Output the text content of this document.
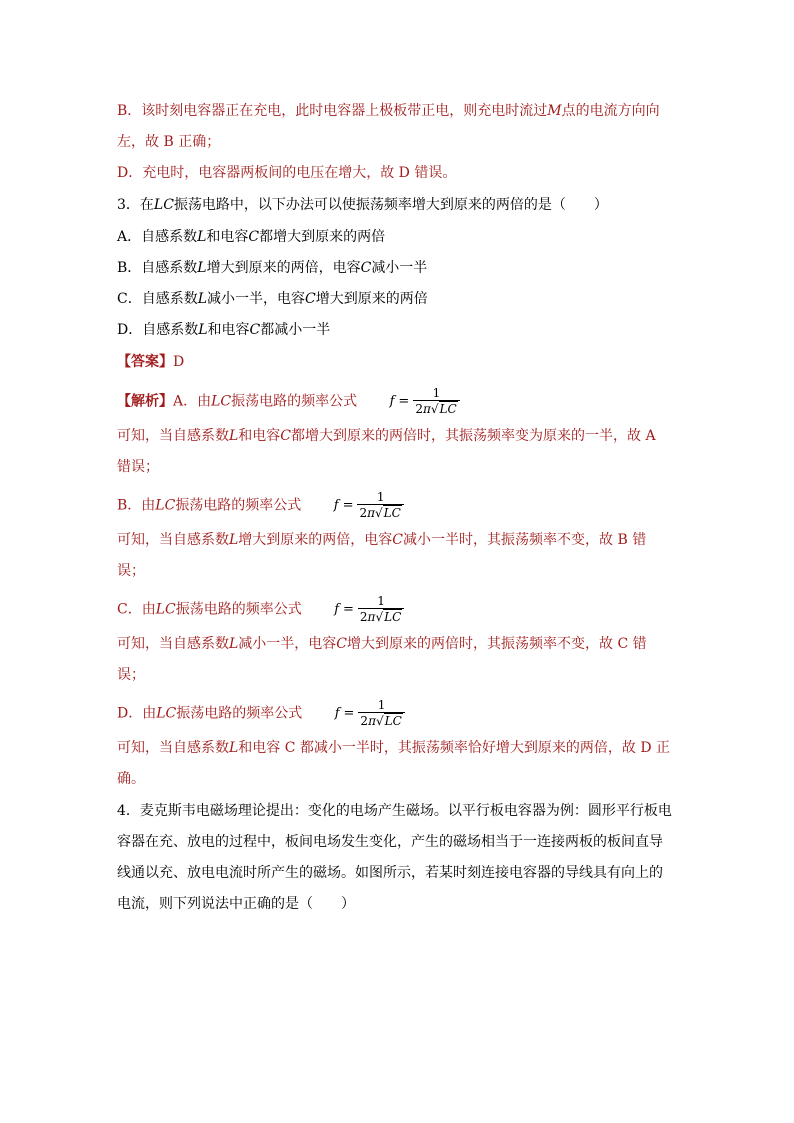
B．该时刻电容器正在充电，此时电容器上极板带正电，则充电时流过M点的电流方向向
左，故 B 正确；
D．充电时，电容器两板间的电压在增大，故 D 错误。
3．在LC振荡电路中，以下办法可以使振荡频率增大到原来的两倍的是（　　）
A．自感系数L和电容C都增大到原来的两倍
B．自感系数L增大到原来的两倍，电容C减小一半
C．自感系数L减小一半，电容C增大到原来的两倍
D．自感系数L和电容C都减小一半
【答案】D
【解析】A．由LC振荡电路的频率公式 $f = \frac{1}{2\pi√LC}$
可知，当自感系数L和电容C都增大到原来的两倍时，其振荡频率变为原来的一半，故 A
错误；
B．由LC振荡电路的频率公式 $f = \frac{1}{2\pi√LC}$
可知，当自感系数L增大到原来的两倍，电容C减小一半时，其振荡频率不变，故 B 错
误；
C．由LC振荡电路的频率公式 $f = \frac{1}{2\pi√LC}$
可知，当自感系数L减小一半，电容C增大到原来的两倍时，其振荡频率不变，故 C 错
误；
D．由LC振荡电路的频率公式 $f = \frac{1}{2\pi√LC}$
可知，当自感系数L和电容 C 都减小一半时，其振荡频率恰好增大到原来的两倍，故 D 正
确。
4．麦克斯韦电磁场理论提出：变化的电场产生磁场。以平行板电容器为例：圆形平行板电
容器在充、放电的过程中，板间电场发生变化，产生的磁场相当于一连接两板的板间直导
线通以充、放电电流时所产生的磁场。如图所示，若某时刻连接电容器的导线具有向上的
电流，则下列说法中正确的是（　　）
